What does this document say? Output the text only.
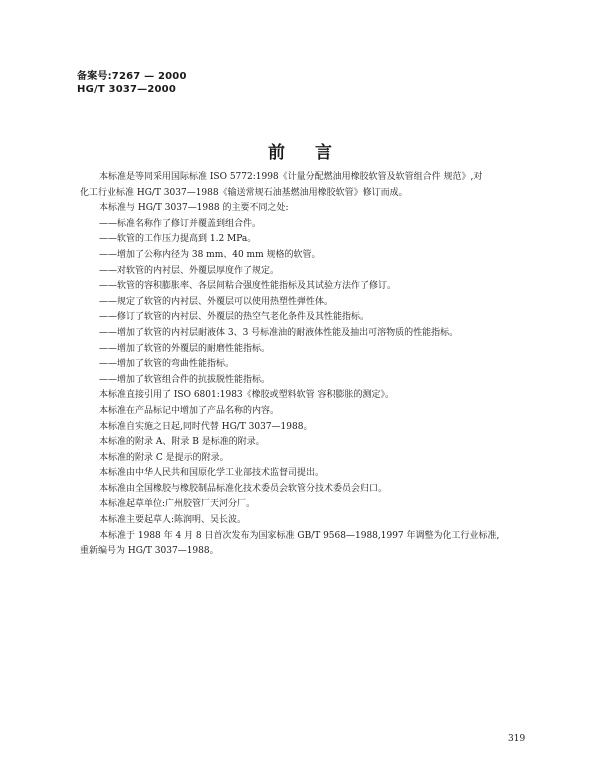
备案号:7267 — 2000
HG/T 3037—2000
前言
本标准是等同采用国际标准 ISO 5772:1998《计量分配燃油用橡胶软管及软管组合件 规范》,对
化工行业标准 HG/T 3037—1988《输送常规石油基燃油用橡胶软管》修订而成。
本标准与 HG/T 3037—1988 的主要不同之处:
——标准名称作了修订并覆盖到组合件。
——软管的工作压力提高到 1.2 MPa。
——增加了公称内径为 38 mm、40 mm 规格的软管。
——对软管的内衬层、外覆层厚度作了规定。
——软管的容积膨胀率、各层间粘合强度性能指标及其试验方法作了修订。
——规定了软管的内衬层、外覆层可以使用热塑性弹性体。
——修订了软管的内衬层、外覆层的热空气老化条件及其性能指标。
——增加了软管的内衬层耐液体 3、3 号标准油的耐液体性能及抽出可溶物质的性能指标。
——增加了软管的外覆层的耐磨性能指标。
——增加了软管的弯曲性能指标。
——增加了软管组合件的抗拔脱性能指标。
本标准直接引用了 ISO 6801:1983《橡胶或塑料软管 容积膨胀的测定》。
本标准在产品标记中增加了产品名称的内容。
本标准自实施之日起,同时代替 HG/T 3037—1988。
本标准的附录 A、附录 B 是标准的附录。
本标准的附录 C 是提示的附录。
本标准由中华人民共和国原化学工业部技术监督司提出。
本标准由全国橡胶与橡胶制品标准化技术委员会软管分技术委员会归口。
本标准起草单位:广州胶管厂天河分厂。
本标准主要起草人:陈润明、吴长波。
本标准于 1988 年 4 月 8 日首次发布为国家标准 GB/T 9568—1988,1997 年调整为化工行业标准,
重新编号为 HG/T 3037—1988。
319
